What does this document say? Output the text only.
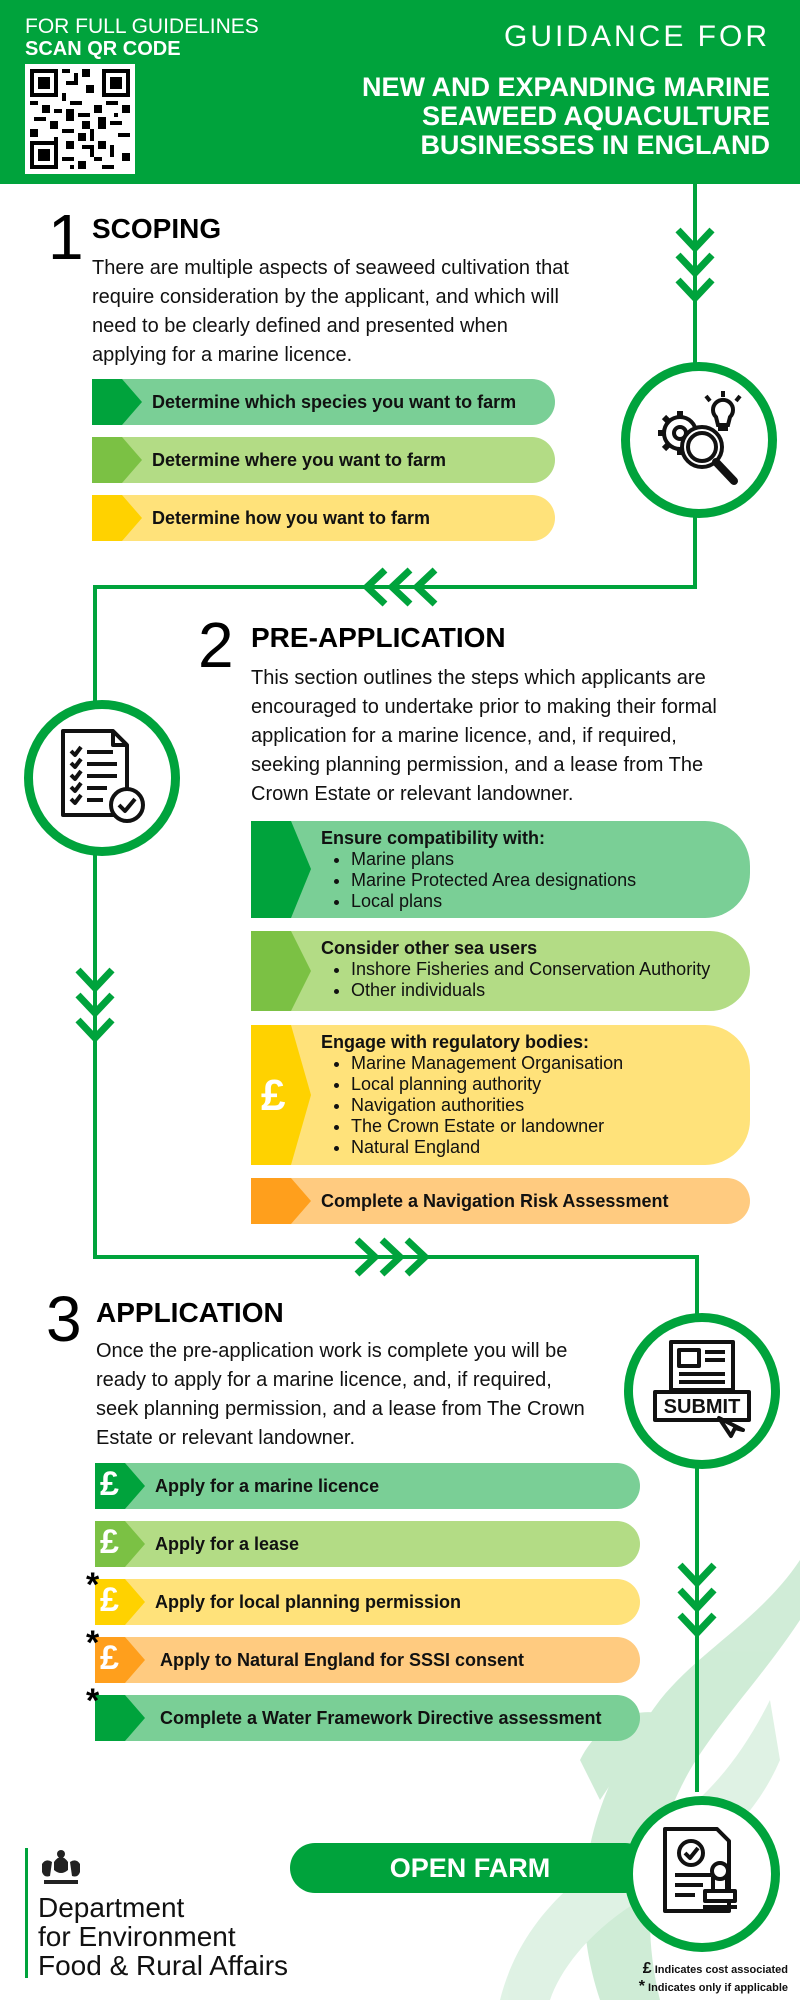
FOR FULL GUIDELINES
SCAN QR CODE	GUIDANCE FOR
NEW AND EXPANDING MARINE SEAWEED AQUACULTURE BUSINESSES IN ENGLAND
1 SCOPING
There are multiple aspects of seaweed cultivation that require consideration by the applicant, and which will need to be clearly defined and presented when applying for a marine licence.
Determine which species you want to farm
Determine where you want to farm
Determine how you want to farm
2 PRE-APPLICATION
This section outlines the steps which applicants are encouraged to undertake prior to making their formal application for a marine licence, and, if required, seeking planning permission, and a lease from The Crown Estate or relevant landowner.
Ensure compatibility with:
• Marine plans
• Marine Protected Area designations
• Local plans
Consider other sea users
• Inshore Fisheries and Conservation Authority
• Other individuals
£
Engage with regulatory bodies:
• Marine Management Organisation
• Local planning authority
• Navigation authorities
• The Crown Estate or landowner
• Natural England
Complete a Navigation Risk Assessment
3 APPLICATION
Once the pre-application work is complete you will be ready to apply for a marine licence, and, if required, seek planning permission, and a lease from The Crown Estate or relevant landowner.
SUBMIT
£ Apply for a marine licence
£ Apply for a lease
£ Apply for local planning permission
*
£ Apply to Natural England for SSSI consent
*
Complete a Water Framework Directive assessment
*
OPEN FARM
Department
for Environment
Food & Rural Affairs	£ Indicates cost associated
* Indicates only if applicable
